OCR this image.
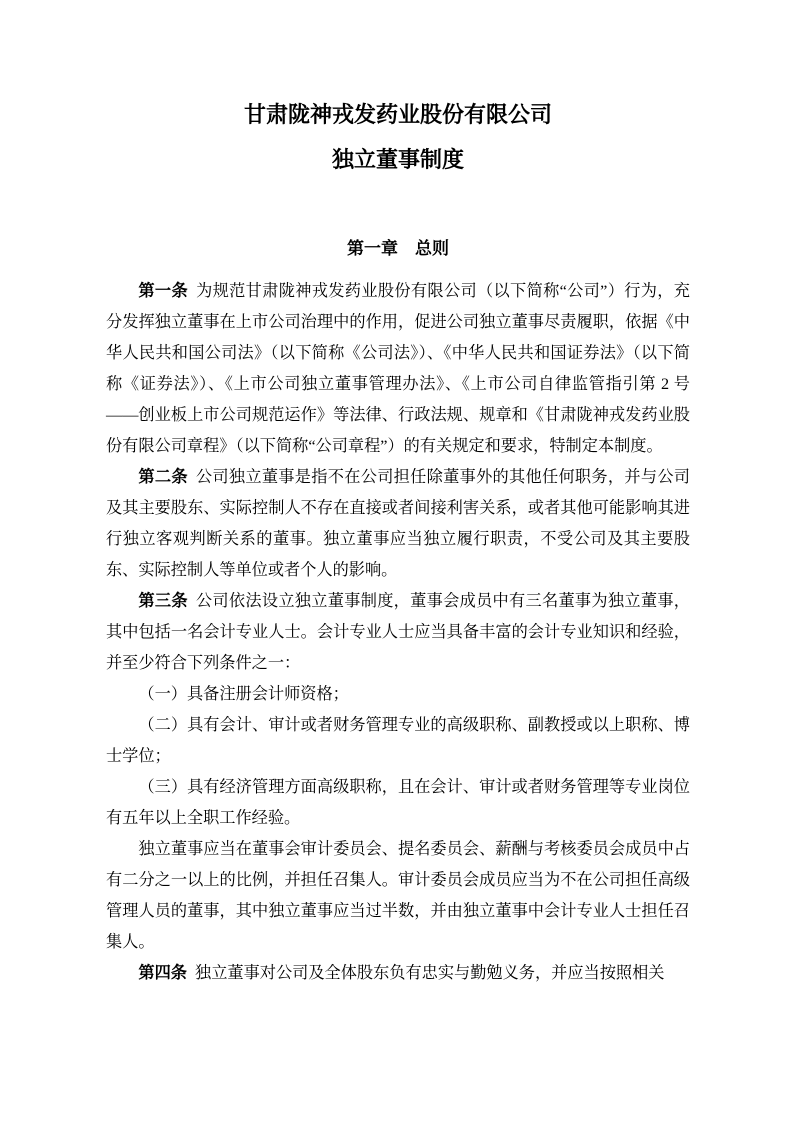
甘肃陇神戎发药业股份有限公司
独立董事制度
第一章　总则

第一条 为规范甘肃陇神戎发药业股份有限公司（以下简称“公司”）行为，充分发挥独立董事在上市公司治理中的作用，促进公司独立董事尽责履职，依据《中华人民共和国公司法》（以下简称《公司法》）、《中华人民共和国证券法》（以下简称《证券法》）、《上市公司独立董事管理办法》、《上市公司自律监管指引第 2 号——创业板上市公司规范运作》等法律、行政法规、规章和《甘肃陇神戎发药业股份有限公司章程》（以下简称“公司章程”）的有关规定和要求，特制定本制度。

第二条 公司独立董事是指不在公司担任除董事外的其他任何职务，并与公司及其主要股东、实际控制人不存在直接或者间接利害关系，或者其他可能影响其进行独立客观判断关系的董事。独立董事应当独立履行职责，不受公司及其主要股东、实际控制人等单位或者个人的影响。

第三条 公司依法设立独立董事制度，董事会成员中有三名董事为独立董事，其中包括一名会计专业人士。会计专业人士应当具备丰富的会计专业知识和经验，并至少符合下列条件之一：

（一）具备注册会计师资格；

（二）具有会计、审计或者财务管理专业的高级职称、副教授或以上职称、博士学位；

（三）具有经济管理方面高级职称，且在会计、审计或者财务管理等专业岗位有五年以上全职工作经验。

独立董事应当在董事会审计委员会、提名委员会、薪酬与考核委员会成员中占有二分之一以上的比例，并担任召集人。审计委员会成员应当为不在公司担任高级管理人员的董事，其中独立董事应当过半数，并由独立董事中会计专业人士担任召集人。

第四条 独立董事对公司及全体股东负有忠实与勤勉义务，并应当按照相关
